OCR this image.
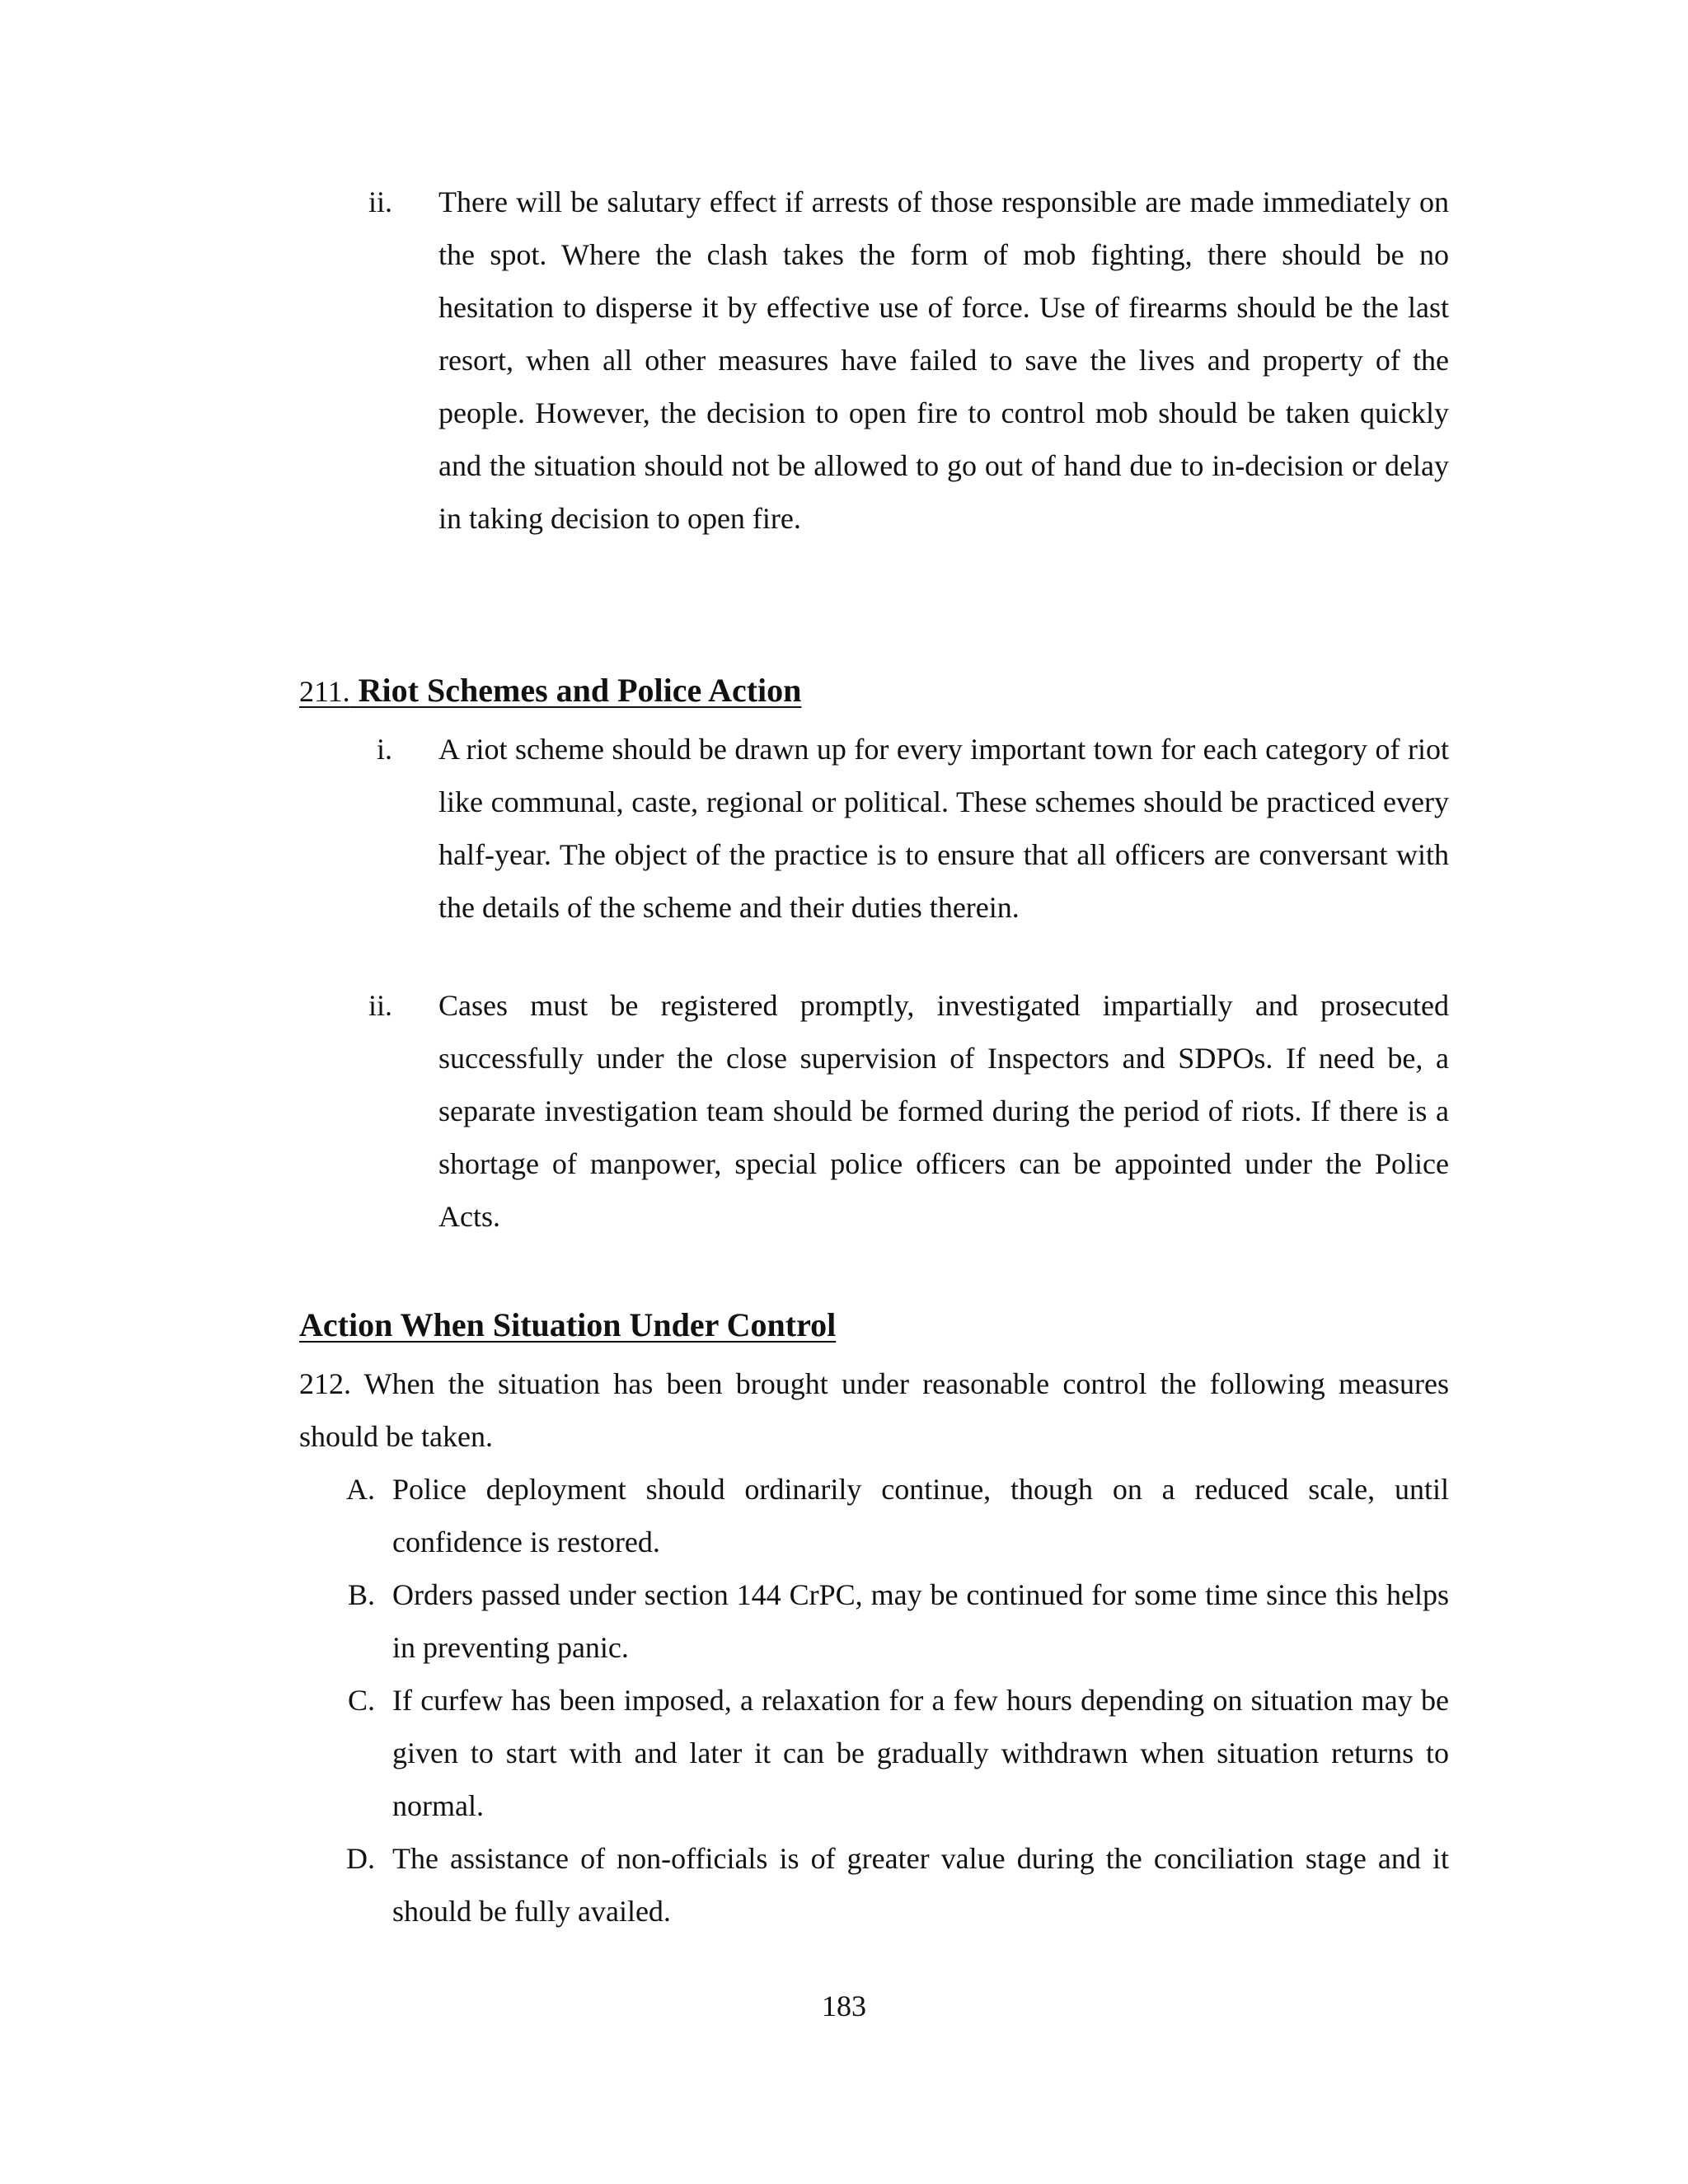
ii. There will be salutary effect if arrests of those responsible are made immediately on the spot. Where the clash takes the form of mob fighting, there should be no hesitation to disperse it by effective use of force. Use of firearms should be the last resort, when all other measures have failed to save the lives and property of the people. However, the decision to open fire to control mob should be taken quickly and the situation should not be allowed to go out of hand due to in-decision or delay in taking decision to open fire.
211. Riot Schemes and Police Action
i. A riot scheme should be drawn up for every important town for each category of riot like communal, caste, regional or political. These schemes should be practiced every half-year. The object of the practice is to ensure that all officers are conversant with the details of the scheme and their duties therein.
ii. Cases must be registered promptly, investigated impartially and prosecuted successfully under the close supervision of Inspectors and SDPOs. If need be, a separate investigation team should be formed during the period of riots. If there is a shortage of manpower, special police officers can be appointed under the Police Acts.
Action When Situation Under Control
212. When the situation has been brought under reasonable control the following measures should be taken.
A. Police deployment should ordinarily continue, though on a reduced scale, until confidence is restored.
B. Orders passed under section 144 CrPC, may be continued for some time since this helps in preventing panic.
C. If curfew has been imposed, a relaxation for a few hours depending on situation may be given to start with and later it can be gradually withdrawn when situation returns to normal.
D. The assistance of non-officials is of greater value during the conciliation stage and it should be fully availed.
183
